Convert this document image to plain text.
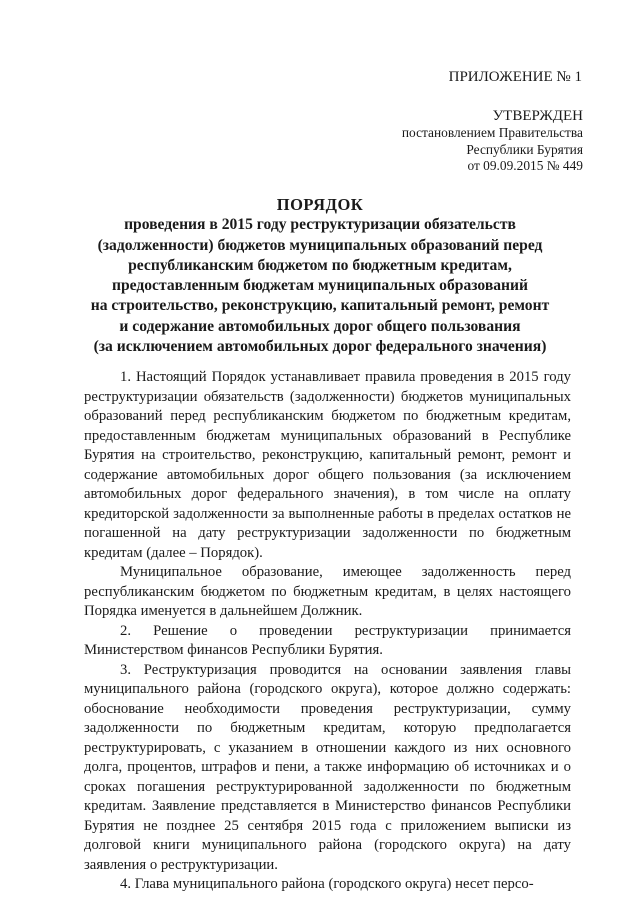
ПРИЛОЖЕНИЕ № 1
УТВЕРЖДЕН
постановлением Правительства
Республики Бурятия
от 09.09.2015 № 449
ПОРЯДОК
проведения в 2015 году реструктуризации обязательств
(задолженности) бюджетов муниципальных образований перед
республиканским бюджетом по бюджетным кредитам,
предоставленным бюджетам муниципальных образований
на строительство, реконструкцию, капитальный ремонт, ремонт
и содержание автомобильных дорог общего пользования
(за исключением автомобильных дорог федерального значения)

1. Настоящий Порядок устанавливает правила проведения в 2015 году реструктуризации обязательств (задолженности) бюджетов муниципальных образований перед республиканским бюджетом по бюджетным кредитам, предоставленным бюджетам муниципальных образований в Республике Бурятия на строительство, реконструкцию, капитальный ремонт, ремонт и содержание автомобильных дорог общего пользования (за исключением автомобильных дорог федерального значения), в том числе на оплату кредиторской задолженности за выполненные работы в пределах остатков не погашенной на дату реструктуризации задолженности по бюджетным кредитам (далее – Порядок).

Муниципальное образование, имеющее задолженность перед республиканским бюджетом по бюджетным кредитам, в целях настоящего Порядка именуется в дальнейшем Должник.

2. Решение о проведении реструктуризации принимается Министерством финансов Республики Бурятия.

3. Реструктуризация проводится на основании заявления главы муниципального района (городского округа), которое должно содержать: обоснование необходимости проведения реструктуризации, сумму задолженности по бюджетным кредитам, которую предполагается реструктурировать, с указанием в отношении каждого из них основного долга, процентов, штрафов и пени, а также информацию об источниках и о сроках погашения реструктурированной задолженности по бюджетным кредитам. Заявление представляется в Министерство финансов Республики Бурятия не позднее 25 сентября 2015 года с приложением выписки из долговой книги муниципального района (городского округа) на дату заявления о реструктуризации.

4. Глава муниципального района (городского округа) несет персо-
